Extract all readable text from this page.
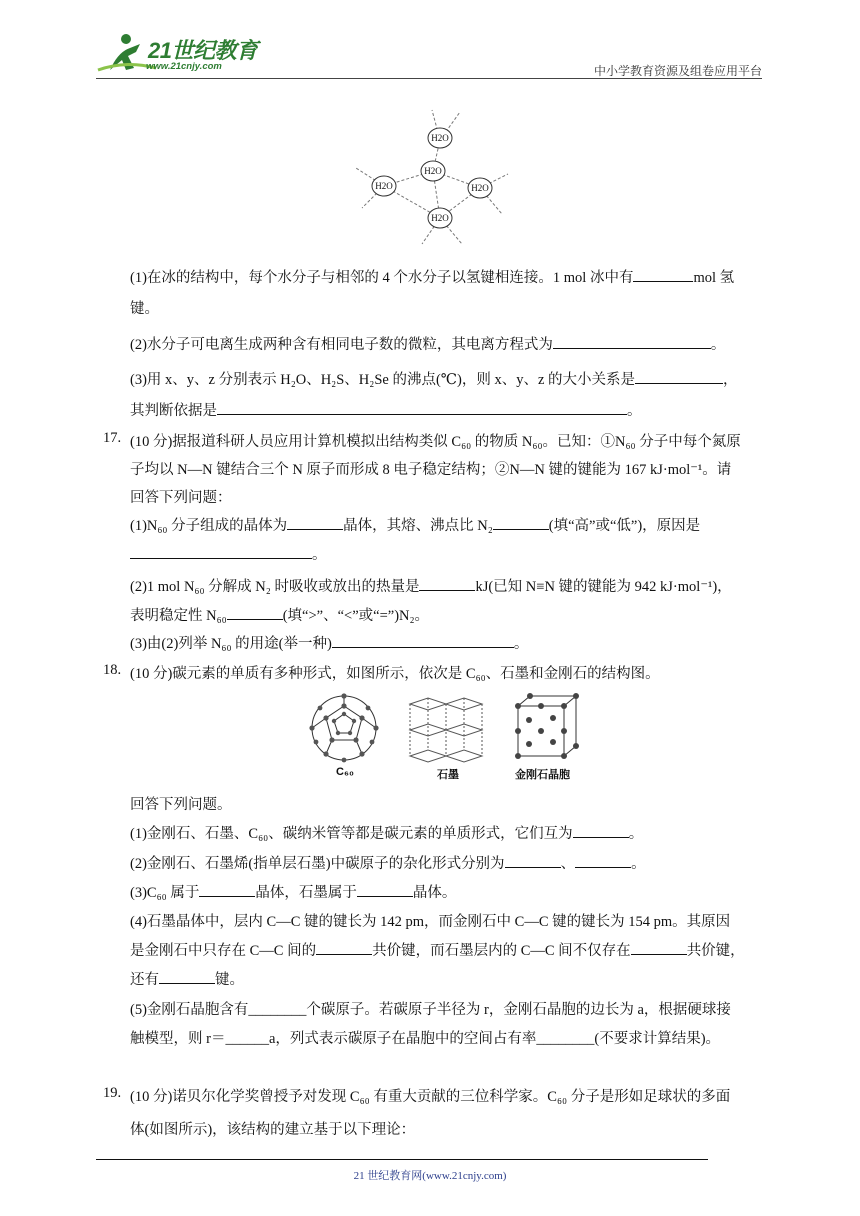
21世纪教育
www.21cnjy.com	中小学教育资源及组卷应用平台
H2O
H2O
H2O	H2O
H2O
(1)在冰的结构中，每个水分子与相邻的 4 个水分子以氢键相连接。1 mol 冰中有	mol 氢
键。
(2)水分子可电离生成两种含有相同电子数的微粒，其电离方程式为	。
(3)用 x、y、z 分别表示 H₂O、H₂S、H₂Se 的沸点(℃)，则 x、y、z 的大小关系是	，
其判断依据是	。
17. (10 分)据报道科研人员应用计算机模拟出结构类似 C₆₀ 的物质 N₆₀。已知：①N₆₀ 分子中每个氮原
子均以 N—N 键结合三个 N 原子而形成 8 电子稳定结构；②N—N 键的键能为 167 kJ·mol⁻¹。请
回答下列问题：
(1)N₆₀ 分子组成的晶体为	晶体，其熔、沸点比 N₂	(填“高”或“低”)，原因是
。
(2)1 mol N₆₀ 分解成 N₂ 时吸收或放出的热量是	kJ(已知 N≡N 键的键能为 942 kJ·mol⁻¹)，
表明稳定性 N₆₀	(填“>”、“<”或“=”)N₂。
(3)由(2)列举 N₆₀ 的用途(举一种)	。
18. (10 分)碳元素的单质有多种形式，如图所示，依次是 C₆₀、石墨和金刚石的结构图。
C₆₀	石墨	金刚石晶胞
回答下列问题。
(1)金刚石、石墨、C₆₀、碳纳米管等都是碳元素的单质形式，它们互为	。
(2)金刚石、石墨烯(指单层石墨)中碳原子的杂化形式分别为	、	。
(3)C₆₀ 属于	晶体，石墨属于	晶体。
(4)石墨晶体中，层内 C—C 键的键长为 142 pm，而金刚石中 C—C 键的键长为 154 pm。其原因
是金刚石中只存在 C—C 间的	共价键，而石墨层内的 C—C 间不仅存在	共价键，
还有	键。
(5)金刚石晶胞含有________个碳原子。若碳原子半径为 r，金刚石晶胞的边长为 a，根据硬球接
触模型，则 r＝______a，列式表示碳原子在晶胞中的空间占有率________(不要求计算结果)。
19. (10 分)诺贝尔化学奖曾授予对发现 C₆₀ 有重大贡献的三位科学家。C₆₀ 分子是形如足球状的多面
体(如图所示)，该结构的建立基于以下理论：
21 世纪教育网(www.21cnjy.com)
